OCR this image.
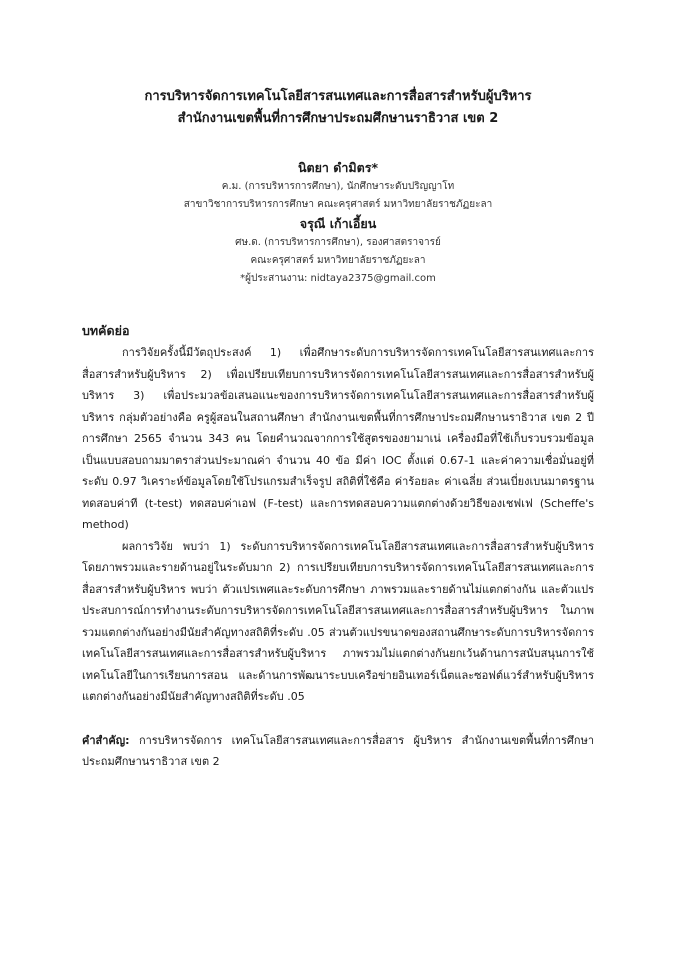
การบริหารจัดการเทคโนโลยีสารสนเทศและการสื่อสารสำหรับผู้บริหาร

สำนักงานเขตพื้นที่การศึกษาประถมศึกษานราธิวาส เขต 2

นิตยา ดำมิตร*
ค.ม. (การบริหารการศึกษา), นักศึกษาระดับปริญญาโท
สาขาวิชาการบริหารการศึกษา คณะครุศาสตร์ มหาวิทยาลัยราชภัฏยะลา
จรุณี เก้าเอี้ยน
ศษ.ด. (การบริหารการศึกษา), รองศาสตราจารย์
คณะครุศาสตร์ มหาวิทยาลัยราชภัฏยะลา
*ผู้ประสานงาน: nidtaya2375@gmail.com
บทคัดย่อ

การวิจัยครั้งนี้มีวัตถุประสงค์ 1) เพื่อศึกษาระดับการบริหารจัดการเทคโนโลยีสารสนเทศและการสื่อสารสำหรับผู้บริหาร 2) เพื่อเปรียบเทียบการบริหารจัดการเทคโนโลยีสารสนเทศและการสื่อสารสำหรับผู้บริหาร 3) เพื่อประมวลข้อเสนอแนะของการบริหารจัดการเทคโนโลยีสารสนเทศและการสื่อสารสำหรับผู้บริหาร กลุ่มตัวอย่างคือ ครูผู้สอนในสถานศึกษา สำนักงานเขตพื้นที่การศึกษาประถมศึกษานราธิวาส เขต 2 ปีการศึกษา 2565 จำนวน 343 คน โดยคำนวณจากการใช้สูตรของยามาเน่ เครื่องมือที่ใช้เก็บรวบรวมข้อมูลเป็นแบบสอบถามมาตราส่วนประมาณค่า จำนวน 40 ข้อ มีค่า IOC ตั้งแต่ 0.67-1 และค่าความเชื่อมั่นอยู่ที่ระดับ 0.97 วิเคราะห์ข้อมูลโดยใช้โปรแกรมสำเร็จรูป สถิติที่ใช้คือ ค่าร้อยละ ค่าเฉลี่ย ส่วนเบี่ยงเบนมาตรฐาน ทดสอบค่าที (t-test) ทดสอบค่าเอฟ (F-test) และการทดสอบความแตกต่างด้วยวิธีของเชฟเฟ (Scheffe's method)

ผลการวิจัย พบว่า 1) ระดับการบริหารจัดการเทคโนโลยีสารสนเทศและการสื่อสารสำหรับผู้บริหารโดยภาพรวมและรายด้านอยู่ในระดับมาก 2) การเปรียบเทียบการบริหารจัดการเทคโนโลยีสารสนเทศและการสื่อสารสำหรับผู้บริหาร พบว่า ตัวแปรเพศและระดับการศึกษา ภาพรวมและรายด้านไม่แตกต่างกัน และตัวแปรประสบการณ์การทำงานระดับการบริหารจัดการเทคโนโลยีสารสนเทศและการสื่อสารสำหรับผู้บริหาร ในภาพรวมแตกต่างกันอย่างมีนัยสำคัญทางสถิติที่ระดับ .05 ส่วนตัวแปรขนาดของสถานศึกษาระดับการบริหารจัดการเทคโนโลยีสารสนเทศและการสื่อสารสำหรับผู้บริหาร ภาพรวมไม่แตกต่างกันยกเว้นด้านการสนับสนุนการใช้เทคโนโลยีในการเรียนการสอน และด้านการพัฒนาระบบเครือข่ายอินเทอร์เน็ตและซอฟต์แวร์สำหรับผู้บริหารแตกต่างกันอย่างมีนัยสำคัญทางสถิติที่ระดับ .05

คำสำคัญ: การบริหารจัดการ เทคโนโลยีสารสนเทศและการสื่อสาร ผู้บริหาร สำนักงานเขตพื้นที่การศึกษาประถมศึกษานราธิวาส เขต 2
